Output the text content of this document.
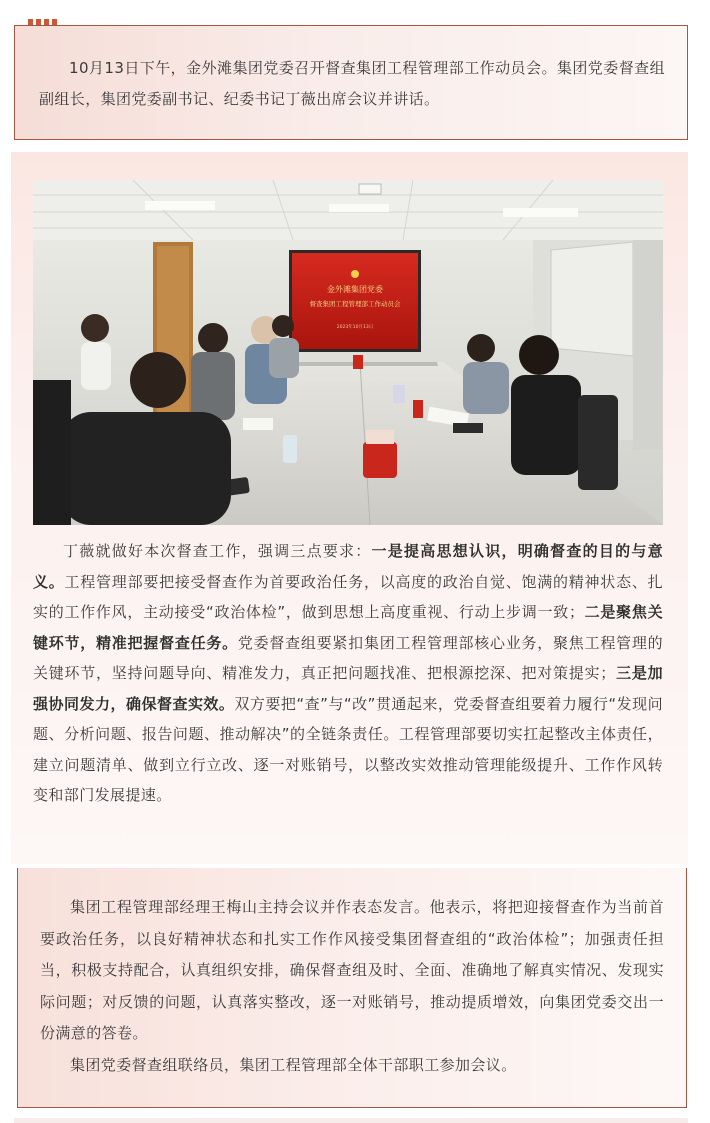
10月13日下午，金外滩集团党委召开督查集团工程管理部工作动员会。集团党委督查组副组长，集团党委副书记、纪委书记丁薇出席会议并讲话。

金外滩集团党委
督查集团工程管理部工作动员会
2023年10月13日

丁薇就做好本次督查工作，强调三点要求：一是提高思想认识，明确督查的目的与意义。工程管理部要把接受督查作为首要政治任务，以高度的政治自觉、饱满的精神状态、扎实的工作作风，主动接受“政治体检”，做到思想上高度重视、行动上步调一致；二是聚焦关键环节，精准把握督查任务。党委督查组要紧扣集团工程管理部核心业务，聚焦工程管理的关键环节，坚持问题导向、精准发力，真正把问题找准、把根源挖深、把对策提实；三是加强协同发力，确保督查实效。双方要把“查”与“改”贯通起来，党委督查组要着力履行“发现问题、分析问题、报告问题、推动解决”的全链条责任。工程管理部要切实扛起整改主体责任，建立问题清单、做到立行立改、逐一对账销号，以整改实效推动管理能级提升、工作作风转变和部门发展提速。

集团工程管理部经理王梅山主持会议并作表态发言。他表示，将把迎接督查作为当前首要政治任务，以良好精神状态和扎实工作作风接受集团督查组的“政治体检”；加强责任担当，积极支持配合，认真组织安排，确保督查组及时、全面、准确地了解真实情况、发现实际问题；对反馈的问题，认真落实整改，逐一对账销号，推动提质增效，向集团党委交出一份满意的答卷。

集团党委督查组联络员，集团工程管理部全体干部职工参加会议。
